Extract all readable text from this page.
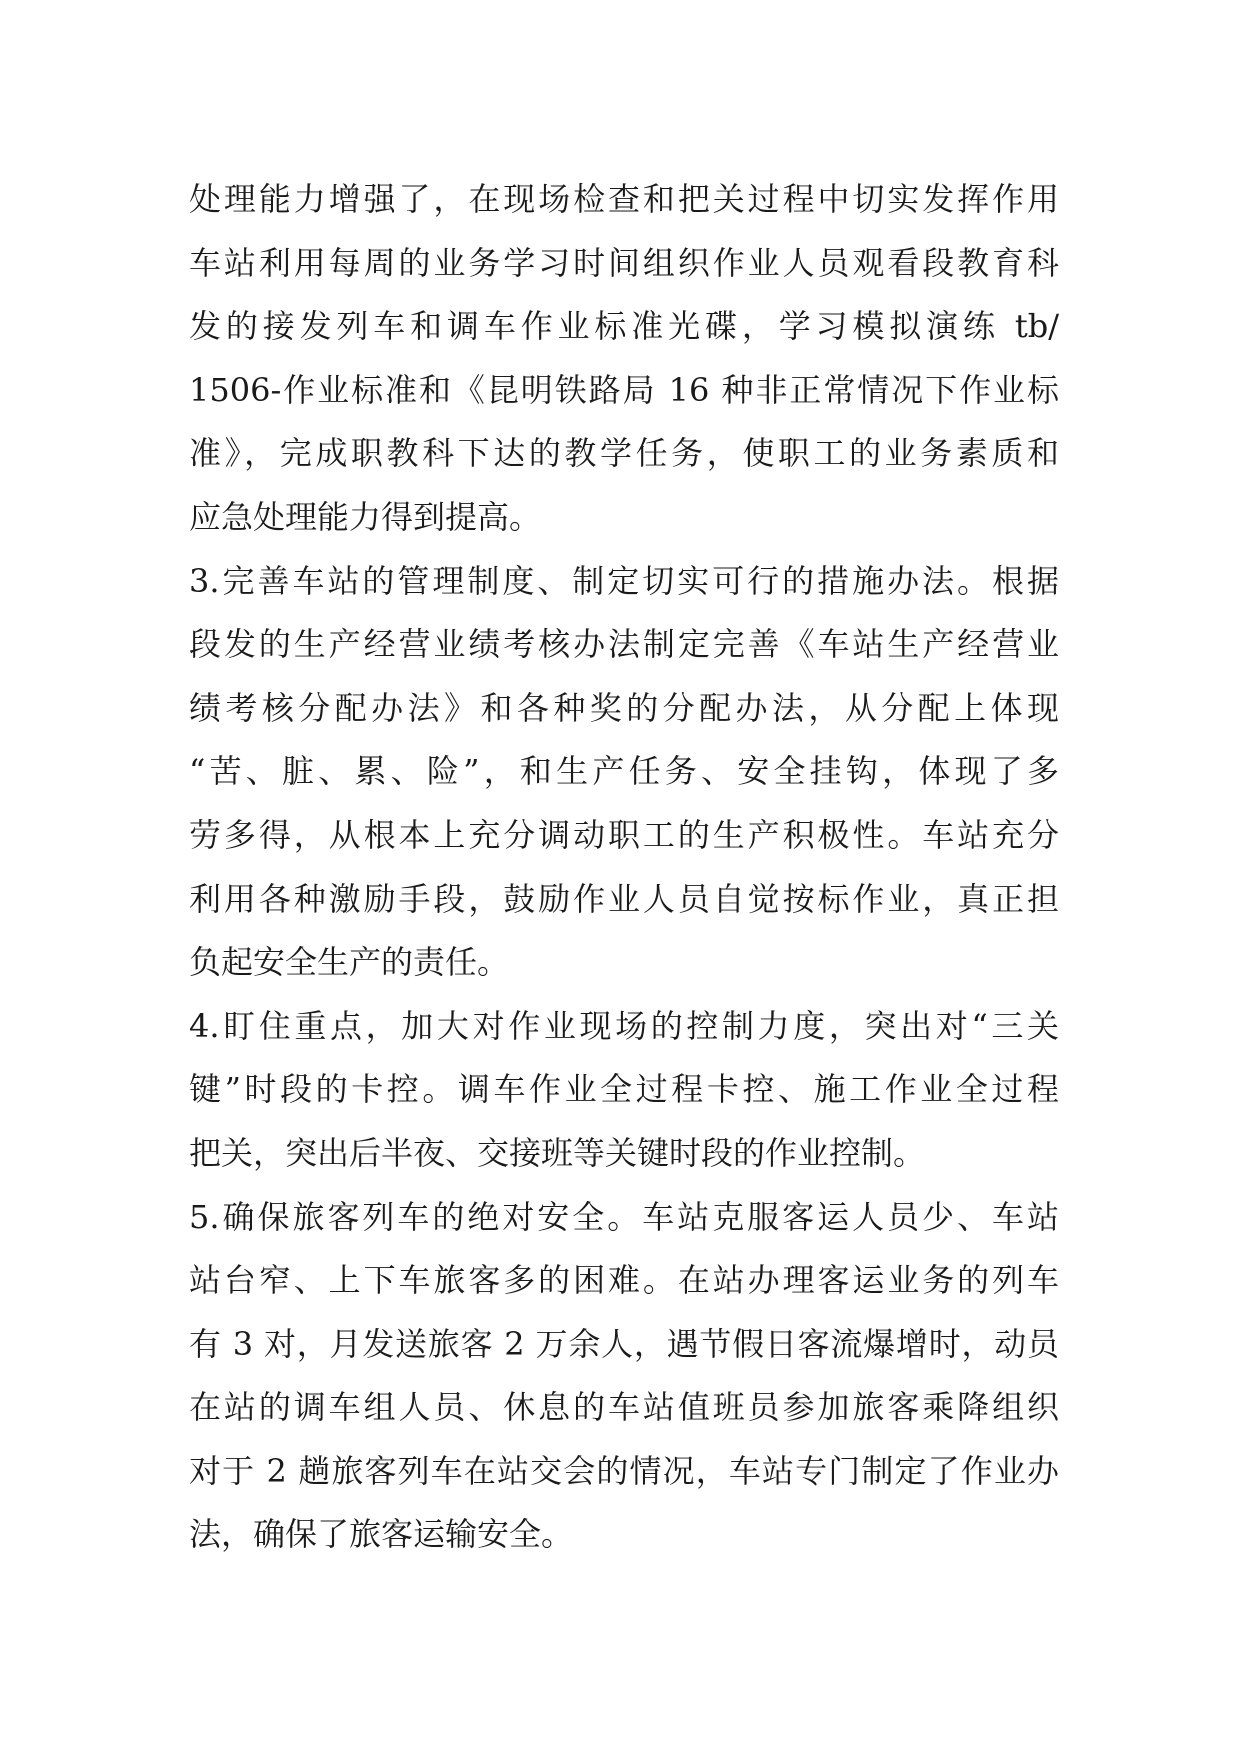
处理能力增强了，在现场检查和把关过程中切实发挥作用
车站利用每周的业务学习时间组织作业人员观看段教育科
发的接发列车和调车作业标准光碟，学习模拟演练 tb/
1506-作业标准和《昆明铁路局 16 种非正常情况下作业标
准》，完成职教科下达的教学任务，使职工的业务素质和
应急处理能力得到提高。
3.完善车站的管理制度、制定切实可行的措施办法。根据
段发的生产经营业绩考核办法制定完善《车站生产经营业
绩考核分配办法》和各种奖的分配办法，从分配上体现
“苦、脏、累、险”，和生产任务、安全挂钩，体现了多
劳多得，从根本上充分调动职工的生产积极性。车站充分
利用各种激励手段，鼓励作业人员自觉按标作业，真正担
负起安全生产的责任。
4.盯住重点，加大对作业现场的控制力度，突出对“三关
键”时段的卡控。调车作业全过程卡控、施工作业全过程
把关，突出后半夜、交接班等关键时段的作业控制。
5.确保旅客列车的绝对安全。车站克服客运人员少、车站
站台窄、上下车旅客多的困难。在站办理客运业务的列车
有 3 对，月发送旅客 2 万余人，遇节假日客流爆增时，动员
在站的调车组人员、休息的车站值班员参加旅客乘降组织
对于 2 趟旅客列车在站交会的情况，车站专门制定了作业办
法，确保了旅客运输安全。
